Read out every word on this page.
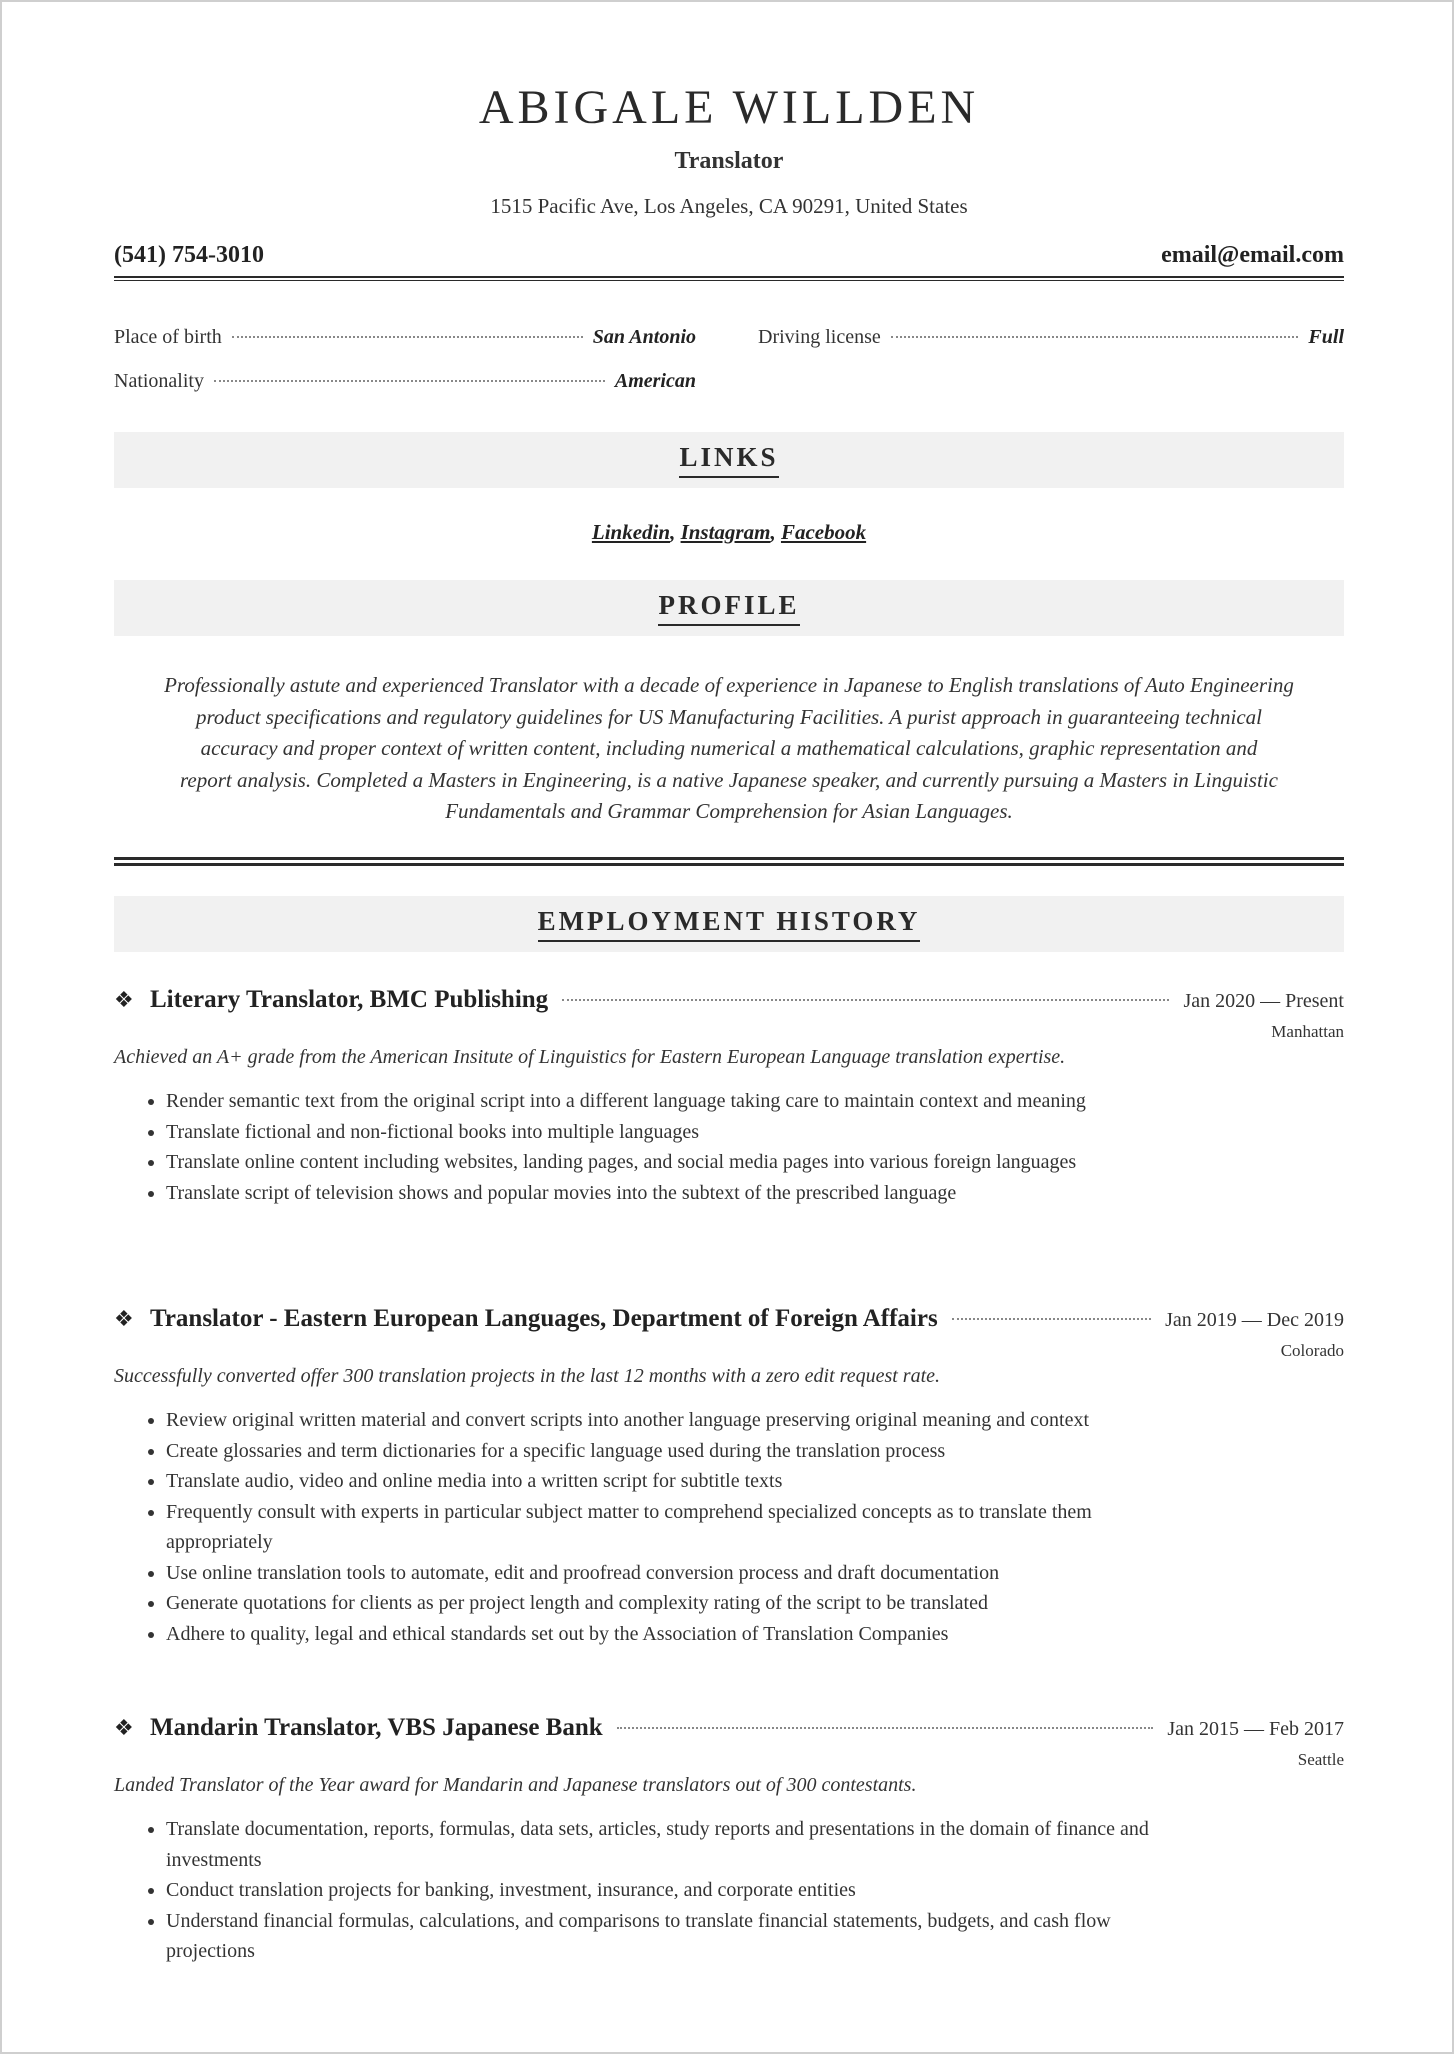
ABIGALE WILLDEN
Translator
1515 Pacific Ave, Los Angeles, CA 90291, United States
(541) 754-3010	email@email.com
Place of birth	San Antonio	Driving license	Full
Nationality	American
LINKS
Linkedin, Instagram, Facebook
PROFILE
Professionally astute and experienced Translator with a decade of experience in Japanese to English translations of Auto Engineering
product specifications and regulatory guidelines for US Manufacturing Facilities. A purist approach in guaranteeing technical
accuracy and proper context of written content, including numerical a mathematical calculations, graphic representation and
report analysis. Completed a Masters in Engineering, is a native Japanese speaker, and currently pursuing a Masters in Linguistic
Fundamentals and Grammar Comprehension for Asian Languages.
EMPLOYMENT HISTORY
❖ Literary Translator, BMC Publishing	Jan 2020 — Present
Manhattan
Achieved an A+ grade from the American Insitute of Linguistics for Eastern European Language translation expertise.
• Render semantic text from the original script into a different language taking care to maintain context and meaning
• Translate fictional and non-fictional books into multiple languages
• Translate online content including websites, landing pages, and social media pages into various foreign languages
• Translate script of television shows and popular movies into the subtext of the prescribed language
❖ Translator - Eastern European Languages, Department of Foreign Affairs	Jan 2019 — Dec 2019
Colorado
Successfully converted offer 300 translation projects in the last 12 months with a zero edit request rate.
• Review original written material and convert scripts into another language preserving original meaning and context
• Create glossaries and term dictionaries for a specific language used during the translation process
• Translate audio, video and online media into a written script for subtitle texts
• Frequently consult with experts in particular subject matter to comprehend specialized concepts as to translate them appropriately
• Use online translation tools to automate, edit and proofread conversion process and draft documentation
• Generate quotations for clients as per project length and complexity rating of the script to be translated
• Adhere to quality, legal and ethical standards set out by the Association of Translation Companies
❖ Mandarin Translator, VBS Japanese Bank	Jan 2015 — Feb 2017
Seattle
Landed Translator of the Year award for Mandarin and Japanese translators out of 300 contestants.
• Translate documentation, reports, formulas, data sets, articles, study reports and presentations in the domain of finance and investments
• Conduct translation projects for banking, investment, insurance, and corporate entities
• Understand financial formulas, calculations, and comparisons to translate financial statements, budgets, and cash flow projections
